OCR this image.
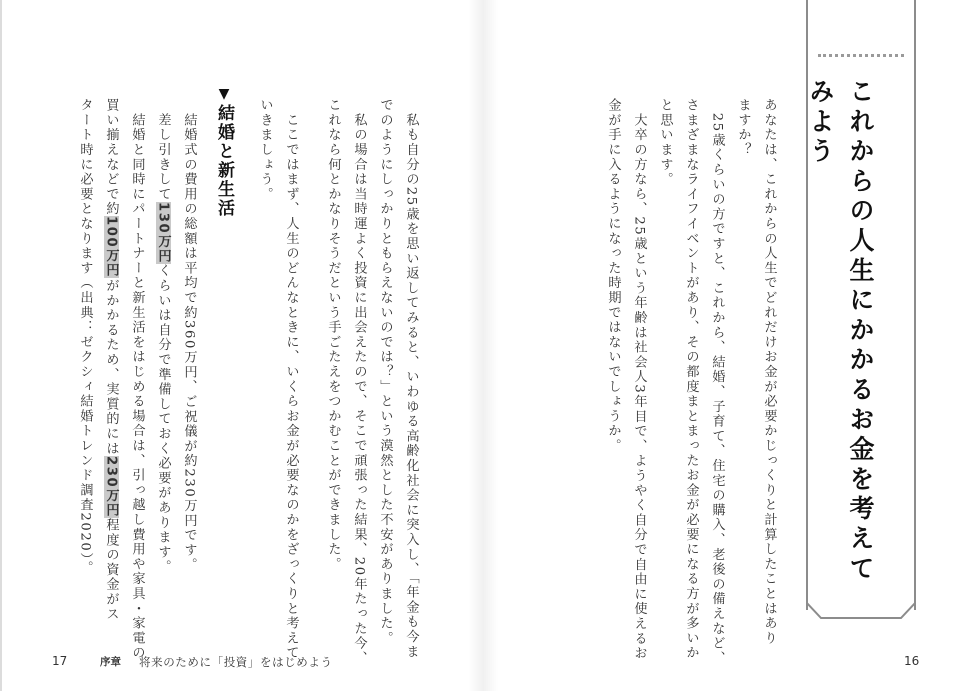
これからの人生にかかるお金を考えてみよう
あなたは、これからの人生でどれだけお金が必要かじっくりと計算したことはあり
ますか？
　25歳くらいの方ですと、これから、結婚、子育て、住宅の購入、老後の備えなど、
さまざまなライフイベントがあり、その都度まとまったお金が必要になる方が多いか
と思います。
　大卒の方なら、25歳という年齢は社会人3年目で、ようやく自分で自由に使えるお
金が手に入るようになった時期ではないでしょうか。
　私も自分の25歳を思い返してみると、いわゆる高齢化社会に突入し、「年金も今ま
でのようにしっかりともらえないのでは？」という漠然とした不安がありました。
　私の場合は当時運よく投資に出会えたので、そこで頑張った結果、20年たった今、
これなら何とかなりそうだという手ごたえをつかむことができました。
　ここではまず、人生のどんなときに、いくらお金が必要なのかをざっくりと考えて
いきましょう。
▼結婚と新生活
　結婚式の費用の総額は平均で約360万円、ご祝儀が約230万円です。
　差し引きして130万円くらいは自分で準備しておく必要があります。
　結婚と同時にパートナーと新生活をはじめる場合は、引っ越し費用や家具・家電の
買い揃えなどで約100万円がかかるため、実質的には230万円程度の資金がス
タート時に必要となります（出典：ゼクシィ結婚トレンド調査2020）。
17	序章 将来のために「投資」をはじめよう	16
